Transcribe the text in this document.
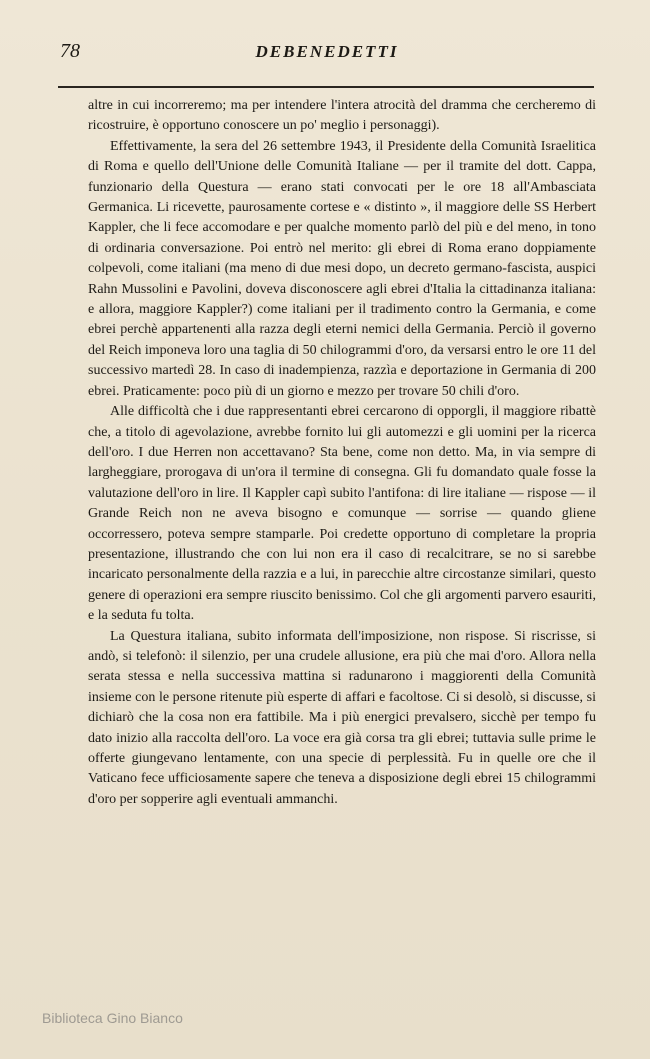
78	DEBENEDETTI

altre in cui incorreremo; ma per intendere l'intera atrocità del dramma che cercheremo di ricostruire, è opportuno conoscere un po' meglio i personaggi).

Effettivamente, la sera del 26 settembre 1943, il Presidente della Comunità Israelitica di Roma e quello dell'Unione delle Comunità Italiane — per il tramite del dott. Cappa, funzionario della Questura — erano stati convocati per le ore 18 all'Ambasciata Germanica. Li ricevette, paurosamente cortese e « distinto », il maggiore delle SS Herbert Kappler, che li fece accomodare e per qualche momento parlò del più e del meno, in tono di ordinaria conversazione. Poi entrò nel merito: gli ebrei di Roma erano doppiamente colpevoli, come italiani (ma meno di due mesi dopo, un decreto germano-fascista, auspici Rahn Mussolini e Pavolini, doveva disconoscere agli ebrei d'Italia la cittadinanza italiana: e allora, maggiore Kappler?) come italiani per il tradimento contro la Germania, e come ebrei perchè appartenenti alla razza degli eterni nemici della Germania. Perciò il governo del Reich imponeva loro una taglia di 50 chilogrammi d'oro, da versarsi entro le ore 11 del successivo martedì 28. In caso di inadempienza, razzìa e deportazione in Germania di 200 ebrei. Praticamente: poco più di un giorno e mezzo per trovare 50 chili d'oro.

Alle difficoltà che i due rappresentanti ebrei cercarono di opporgli, il maggiore ribattè che, a titolo di agevolazione, avrebbe fornito lui gli automezzi e gli uomini per la ricerca dell'oro. I due Herren non accettavano? Sta bene, come non detto. Ma, in via sempre di largheggiare, prorogava di un'ora il termine di consegna. Gli fu domandato quale fosse la valutazione dell'oro in lire. Il Kappler capì subito l'antifona: di lire italiane — rispose — il Grande Reich non ne aveva bisogno e comunque — sorrise — quando gliene occorressero, poteva sempre stamparle. Poi credette opportuno di completare la propria presentazione, illustrando che con lui non era il caso di recalcitrare, se no si sarebbe incaricato personalmente della razzia e a lui, in parecchie altre circostanze similari, questo genere di operazioni era sempre riuscito benissimo. Col che gli argomenti parvero esauriti, e la seduta fu tolta.

La Questura italiana, subito informata dell'imposizione, non rispose. Si riscrisse, si andò, si telefonò: il silenzio, per una crudele allusione, era più che mai d'oro. Allora nella serata stessa e nella successiva mattina si radunarono i maggiorenti della Comunità insieme con le persone ritenute più esperte di affari e facoltose. Ci si desolò, si discusse, si dichiarò che la cosa non era fattibile. Ma i più energici prevalsero, sicchè per tempo fu dato inizio alla raccolta dell'oro. La voce era già corsa tra gli ebrei; tuttavia sulle prime le offerte giungevano lentamente, con una specie di perplessità. Fu in quelle ore che il Vaticano fece ufficiosamente sapere che teneva a disposizione degli ebrei 15 chilogrammi d'oro per sopperire agli eventuali ammanchi.

Biblioteca Gino Bianco
